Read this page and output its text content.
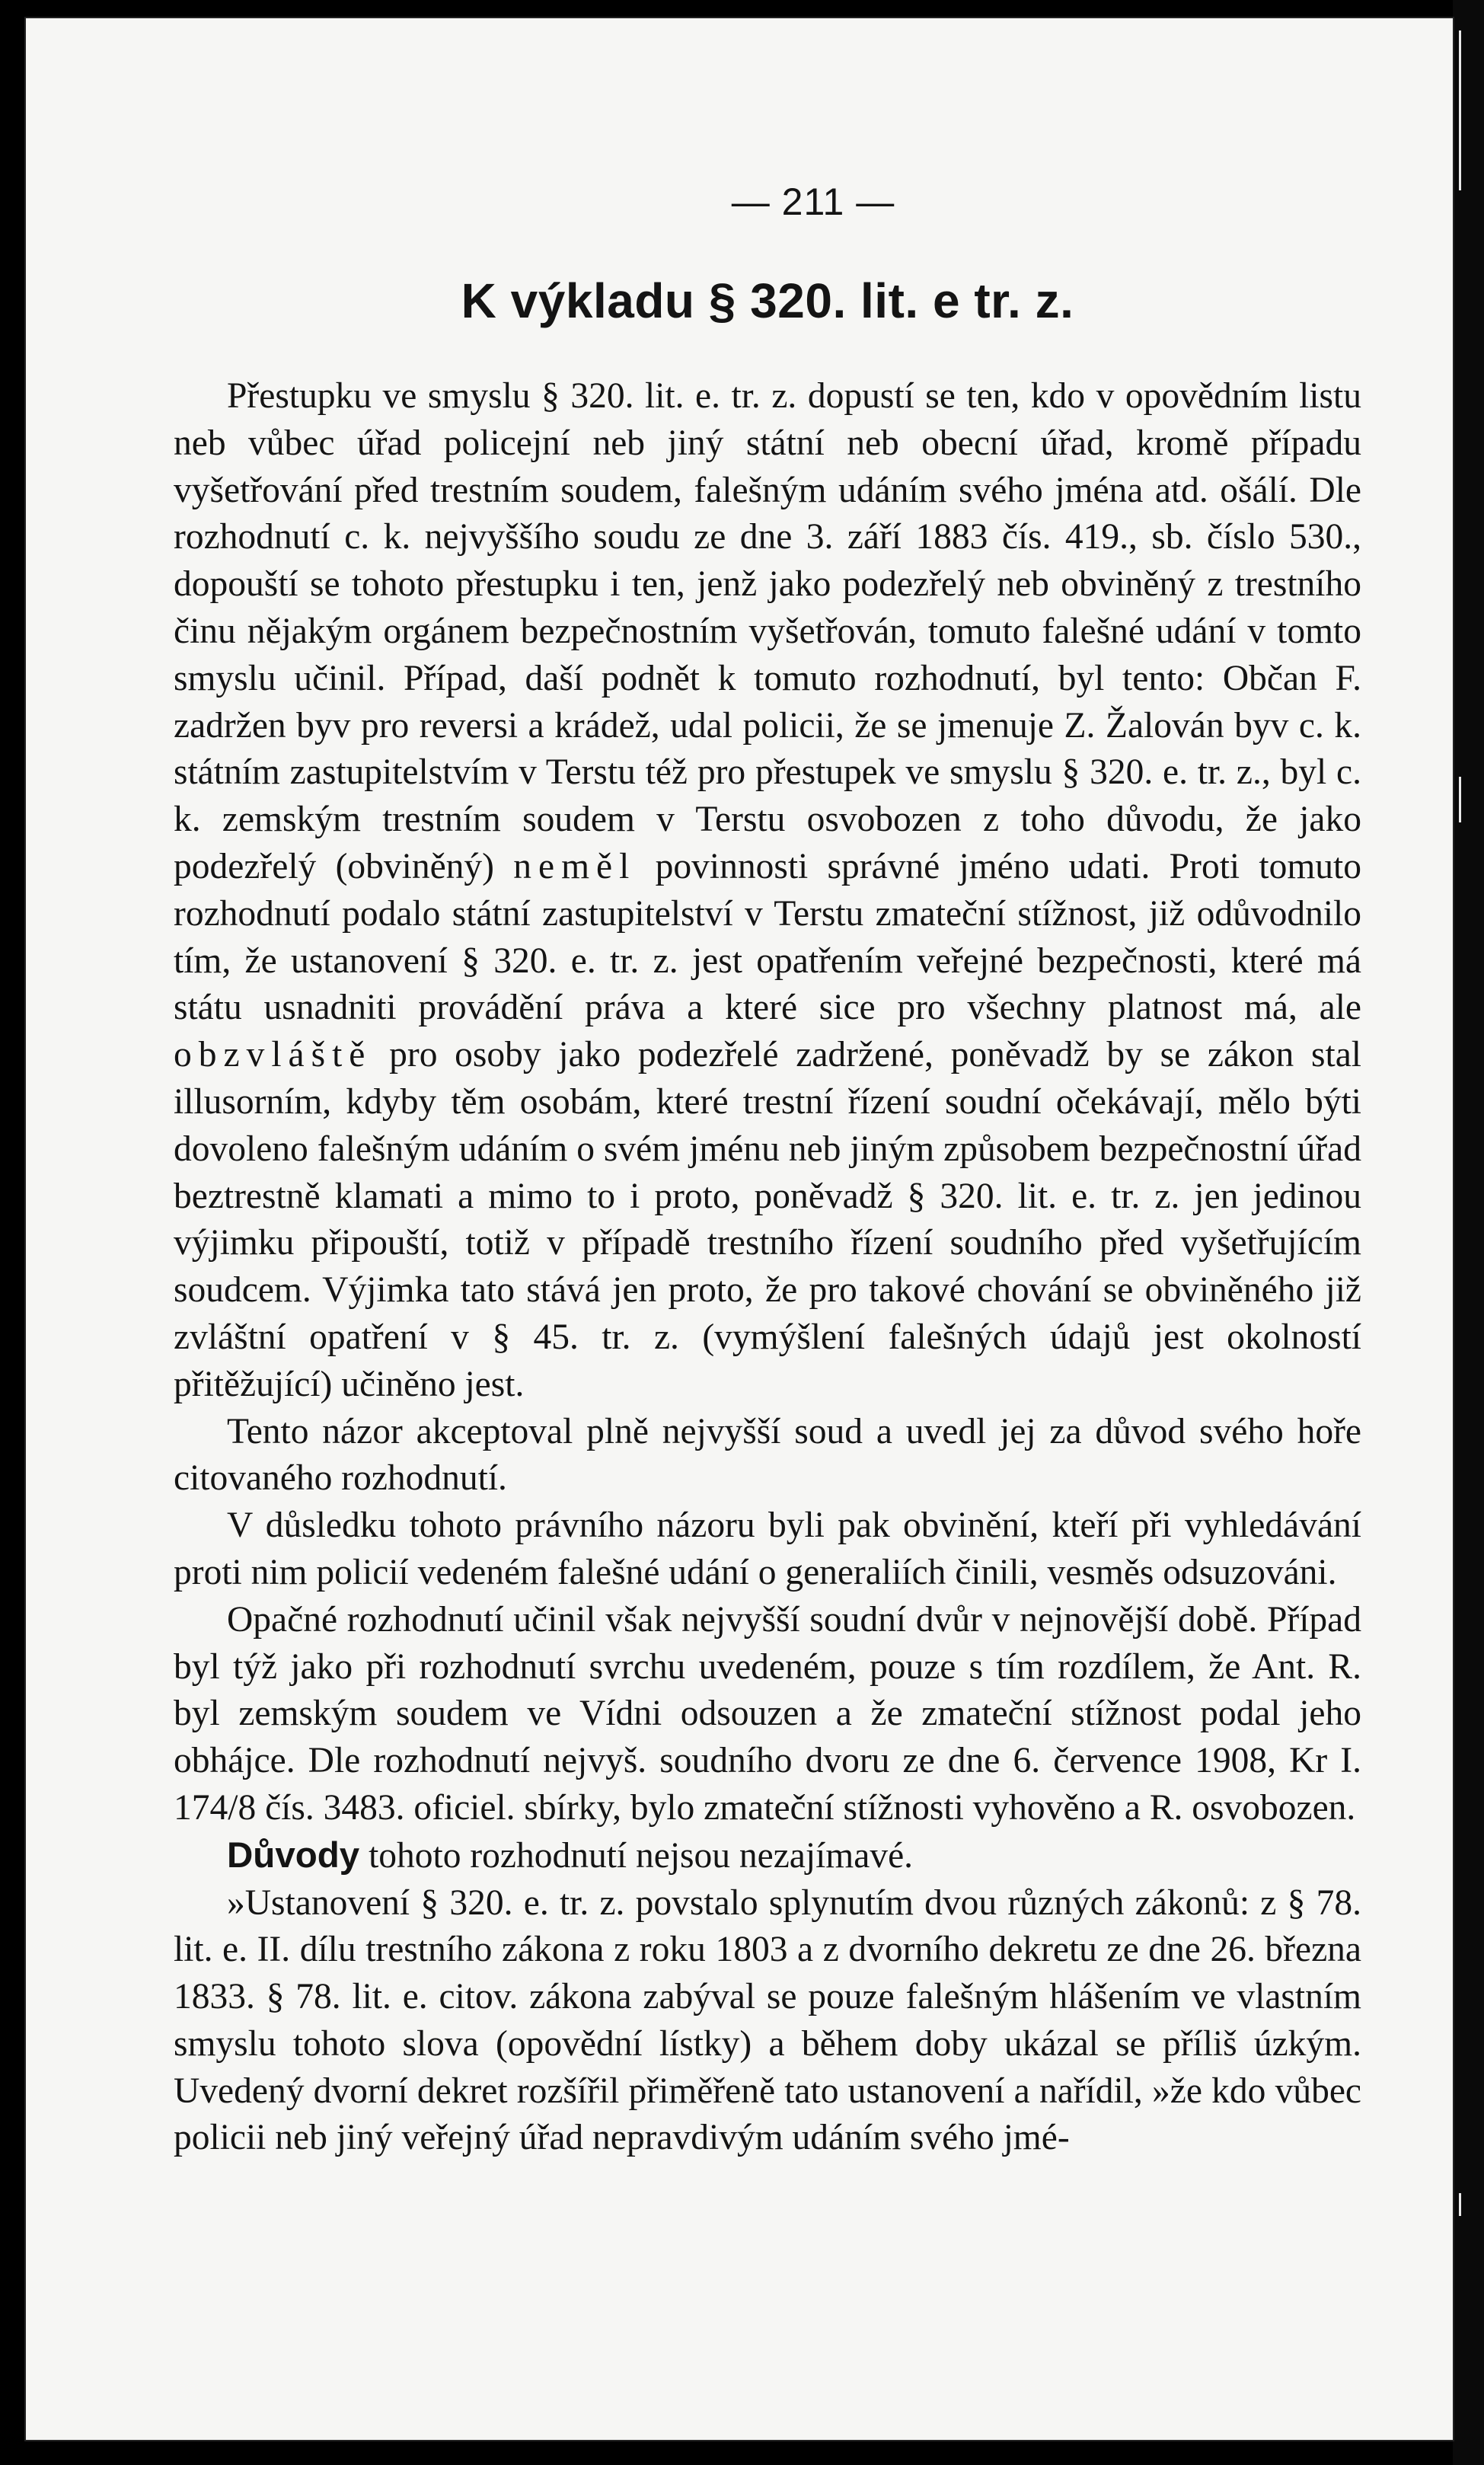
— 211 —
K výkladu § 320. lit. e tr. z.

Přestupku ve smyslu § 320. lit. e. tr. z. dopustí se ten, kdo v opovědním listu neb vůbec úřad policejní neb jiný státní neb obecní úřad, kromě případu vyšetřování před trestním soudem, falešným udáním svého jména atd. ošálí. Dle rozhodnutí c. k. nejvyššího soudu ze dne 3. září 1883 čís. 419., sb. číslo 530., dopouští se tohoto přestupku i ten, jenž jako podezřelý neb obviněný z trestního činu nějakým orgánem bezpečnostním vyšetřován, tomuto falešné udání v tomto smyslu učinil. Případ, daší podnět k tomuto rozhodnutí, byl tento: Občan F. zadržen byv pro reversi a krádež, udal policii, že se jmenuje Z. Žalován byv c. k. státním zastupitelstvím v Terstu též pro přestupek ve smyslu § 320. e. tr. z., byl c. k. zemským trestním soudem v Terstu osvobozen z toho důvodu, že jako podezřelý (obviněný) neměl povinnosti správné jméno udati. Proti tomuto rozhodnutí podalo státní zastupitelství v Terstu zmateční stížnost, již odůvodnilo tím, že ustanovení § 320. e. tr. z. jest opatřením veřejné bezpečnosti, které má státu usnadniti provádění práva a které sice pro všechny platnost má, ale obzvláště pro osoby jako podezřelé zadržené, poněvadž by se zákon stal illusorním, kdyby těm osobám, které trestní řízení soudní očekávají, mělo býti dovoleno falešným udáním o svém jménu neb jiným způsobem bezpečnostní úřad beztrestně klamati a mimo to i proto, poněvadž § 320. lit. e. tr. z. jen jedinou výjimku připouští, totiž v případě trestního řízení soudního před vyšetřujícím soudcem. Výjimka tato stává jen proto, že pro takové chování se obviněného již zvláštní opatření v § 45. tr. z. (vymýšlení falešných údajů jest okolností přitěžující) učiněno jest.

Tento názor akceptoval plně nejvyšší soud a uvedl jej za důvod svého hoře citovaného rozhodnutí.

V důsledku tohoto právního názoru byli pak obvinění, kteří při vyhledávání proti nim policií vedeném falešné udání o generaliích činili, vesměs odsuzováni.

Opačné rozhodnutí učinil však nejvyšší soudní dvůr v nejnovější době. Případ byl týž jako při rozhodnutí svrchu uvedeném, pouze s tím rozdílem, že Ant. R. byl zemským soudem ve Vídni odsouzen a že zmateční stížnost podal jeho obhájce. Dle rozhodnutí nejvyš. soudního dvoru ze dne 6. července 1908, Kr I. 174/8 čís. 3483. oficiel. sbírky, bylo zmateční stížnosti vyhověno a R. osvobozen.

Důvody tohoto rozhodnutí nejsou nezajímavé.

»Ustanovení § 320. e. tr. z. povstalo splynutím dvou různých zákonů: z § 78. lit. e. II. dílu trestního zákona z roku 1803 a z dvorního dekretu ze dne 26. března 1833. § 78. lit. e. citov. zákona zabýval se pouze falešným hlášením ve vlastním smyslu tohoto slova (opovědní lístky) a během doby ukázal se příliš úzkým. Uvedený dvorní dekret rozšířil přiměřeně tato ustanovení a nařídil, »že kdo vůbec policii neb jiný veřejný úřad nepravdivým udáním svého jmé-
